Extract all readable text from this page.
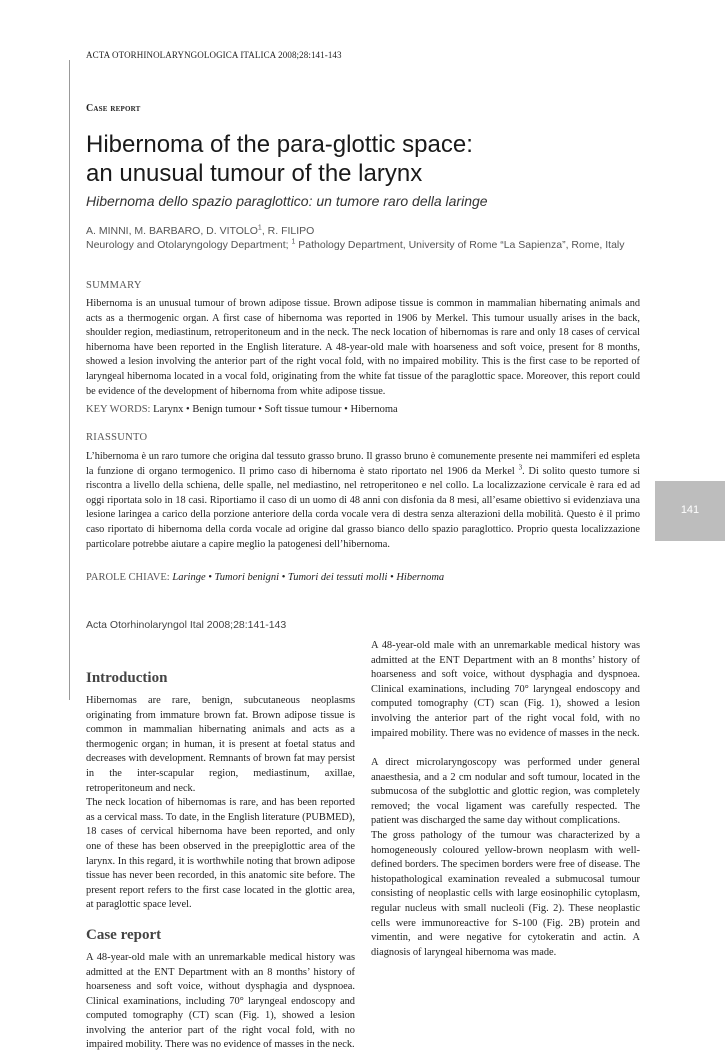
ACTA OTORHINOLARYNGOLOGICA ITALICA 2008;28:141-143
Case report
Hibernoma of the para-glottic space:
an unusual tumour of the larynx
Hibernoma dello spazio paraglottico: un tumore raro della laringe
A. MINNI, M. BARBARO, D. VITOLO$^1$, R. FILIPO
Neurology and Otolaryngology Department; $^1$ Pathology Department, University of Rome “La Sapienza”, Rome, Italy
SUMMARY

Hibernoma is an unusual tumour of brown adipose tissue. Brown adipose tissue is common in mammalian hibernating animals and acts as a thermogenic organ. A first case of hibernoma was reported in 1906 by Merkel. This tumour usually arises in the back, shoulder region, mediastinum, retroperitoneum and in the neck. The neck location of hibernomas is rare and only 18 cases of cervical hibernoma have been reported in the English literature. A 48-year-old male with hoarseness and soft voice, present for 8 months, showed a lesion involving the anterior part of the right vocal fold, with no impaired mobility. This is the first case to be reported of laryngeal hibernoma located in a vocal fold, originating from the white fat tissue of the paraglottic space. Moreover, this report could be evidence of the development of hibernoma from white adipose tissue.

KEY WORDS: Larynx • Benign tumour • Soft tissue tumour • Hibernoma
RIASSUNTO

L’hibernoma è un raro tumore che origina dal tessuto grasso bruno. Il grasso bruno è comunemente presente nei mammiferi ed espleta la funzione di organo termogenico. Il primo caso di hibernoma è stato riportato nel 1906 da Merkel $^3$. Di solito questo tumore si riscontra a livello della schiena, delle spalle, nel mediastino, nel retroperitoneo e nel collo. La localizzazione cervicale è rara ed ad oggi riportata solo in 18 casi. Riportiamo il caso di un uomo di 48 anni con disfonia da 8 mesi, all’esame obiettivo si evidenziava una lesione laringea a carico della porzione anteriore della corda vocale vera di destra senza alterazioni della mobilità. Questo è il primo caso riportato di hibernoma della corda vocale ad origine dal grasso bianco dello spazio paraglottico. Proprio questa localizzazione particolare potrebbe aiutare a capire meglio la patogenesi dell’hibernoma.

PAROLE CHIAVE: Laringe • Tumori benigni • Tumori dei tessuti molli • Hibernoma
Acta Otorhinolaryngol Ital 2008;28:141-143
141
Introduction

Hibernomas are rare, benign, subcutaneous neoplasms originating from immature brown fat. Brown adipose tissue is common in mammalian hibernating animals and acts as a thermogenic organ; in human, it is present at foetal status and decreases with development. Remnants of brown fat may persist in the inter-scapular region, mediastinum, axillae, retroperitoneum and neck.

The neck location of hibernomas is rare, and has been reported as a cervical mass. To date, in the English literature (PUBMED), 18 cases of cervical hibernoma have been reported, and only one of these has been observed in the preepiglottic area of the larynx. In this regard, it is worthwhile noting that brown adipose tissue has never been recorded, in this anatomic site before. The present report refers to the first case located in the glottic area, at paraglottic space level.

Case report

A 48-year-old male with an unremarkable medical history was admitted at the ENT Department with an 8 months’ history of hoarseness and soft voice, without dysphagia and dyspnoea. Clinical examinations, including 70° laryngeal endoscopy and computed tomography (CT) scan (Fig. 1), showed a lesion involving the anterior part of the right vocal fold, with no impaired mobility. There was no evidence of masses in the neck.

A 48-year-old male with an unremarkable medical history was admitted at the ENT Department with an 8 months’ history of hoarseness and soft voice, without dysphagia and dyspnoea. Clinical examinations, including 70° laryngeal endoscopy and computed tomography (CT) scan (Fig. 1), showed a lesion involving the anterior part of the right vocal fold, with no impaired mobility. There was no evidence of masses in the neck.

A direct microlaryngoscopy was performed under general anaesthesia, and a 2 cm nodular and soft tumour, located in the submucosa of the subglottic and glottic region, was completely removed; the vocal ligament was carefully respected. The patient was discharged the same day without complications.

The gross pathology of the tumour was characterized by a homogeneously coloured yellow-brown neoplasm with well-defined borders. The specimen borders were free of disease. The histopathological examination revealed a submucosal tumour consisting of neoplastic cells with large eosinophilic cytoplasm, regular nucleus with small nucleoli (Fig. 2). These neoplastic cells were immunoreactive for S-100 (Fig. 2B) protein and vimentin, and were negative for cytokeratin and actin. A diagnosis of laryngeal hibernoma was made.
